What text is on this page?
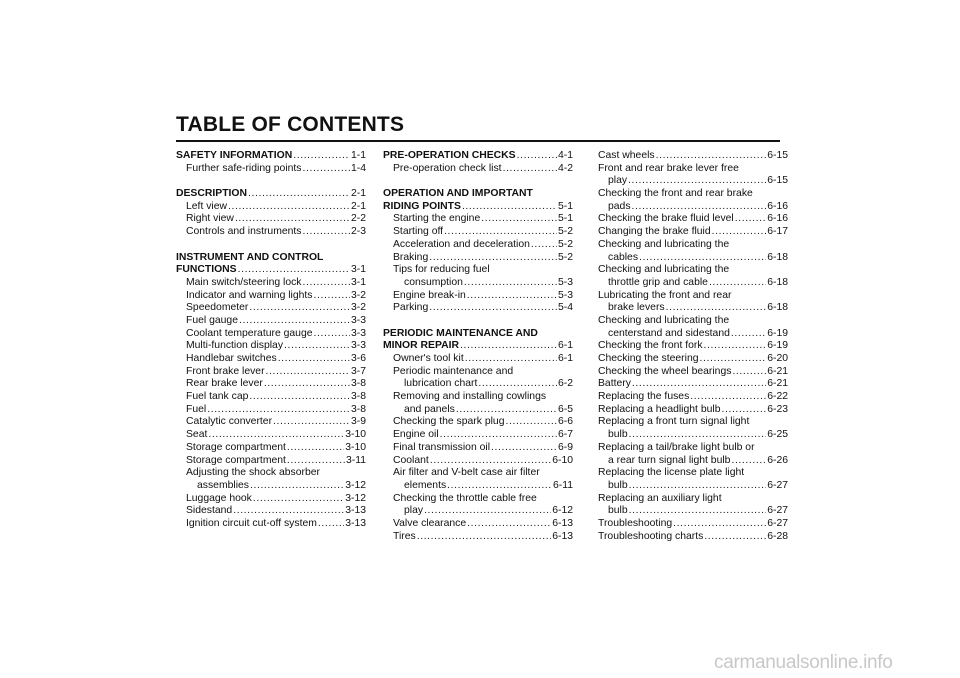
TABLE OF CONTENTS
SAFETY INFORMATION .....	1-1
Further safe-riding points .....	1-4
DESCRIPTION .....	2-1
Left view .....	2-1
Right view .....	2-2
Controls and instruments .....	2-3
INSTRUMENT AND CONTROL
FUNCTIONS .....	3-1
Main switch/steering lock .....	3-1
Indicator and warning lights .....	3-2
Speedometer .....	3-2
Fuel gauge .....	3-3
Coolant temperature gauge .....	3-3
Multi-function display .....	3-3
Handlebar switches .....	3-6
Front brake lever .....	3-7
Rear brake lever .....	3-8
Fuel tank cap .....	3-8
Fuel .....	3-8
Catalytic converter .....	3-9
Seat .....	3-10
Storage compartment .....	3-10
Storage compartment .....	3-11
Adjusting the shock absorber
assemblies .....	3-12
Luggage hook .....	3-12
Sidestand .....	3-13
Ignition circuit cut-off system .....	3-13
PRE-OPERATION CHECKS .....	4-1
Pre-operation check list .....	4-2
OPERATION AND IMPORTANT
RIDING POINTS .....	5-1
Starting the engine .....	5-1
Starting off .....	5-2
Acceleration and deceleration .....	5-2
Braking .....	5-2
Tips for reducing fuel
consumption .....	5-3
Engine break-in .....	5-3
Parking .....	5-4
PERIODIC MAINTENANCE AND
MINOR REPAIR .....	6-1
Owner's tool kit .....	6-1
Periodic maintenance and
lubrication chart .....	6-2
Removing and installing cowlings
and panels .....	6-5
Checking the spark plug .....	6-6
Engine oil .....	6-7
Final transmission oil .....	6-9
Coolant .....	6-10
Air filter and V-belt case air filter
elements .....	6-11
Checking the throttle cable free
play .....	6-12
Valve clearance .....	6-13
Tires .....	6-13
Cast wheels .....	6-15
Front and rear brake lever free
play .....	6-15
Checking the front and rear brake
pads .....	6-16
Checking the brake fluid level .....	6-16
Changing the brake fluid .....	6-17
Checking and lubricating the
cables .....	6-18
Checking and lubricating the
throttle grip and cable .....	6-18
Lubricating the front and rear
brake levers .....	6-18
Checking and lubricating the
centerstand and sidestand .....	6-19
Checking the front fork .....	6-19
Checking the steering .....	6-20
Checking the wheel bearings .....	6-21
Battery .....	6-21
Replacing the fuses .....	6-22
Replacing a headlight bulb .....	6-23
Replacing a front turn signal light
bulb .....	6-25
Replacing a tail/brake light bulb or
a rear turn signal light bulb .....	6-26
Replacing the license plate light
bulb .....	6-27
Replacing an auxiliary light
bulb .....	6-27
Troubleshooting .....	6-27
Troubleshooting charts .....	6-28
carmanualsonline.info
